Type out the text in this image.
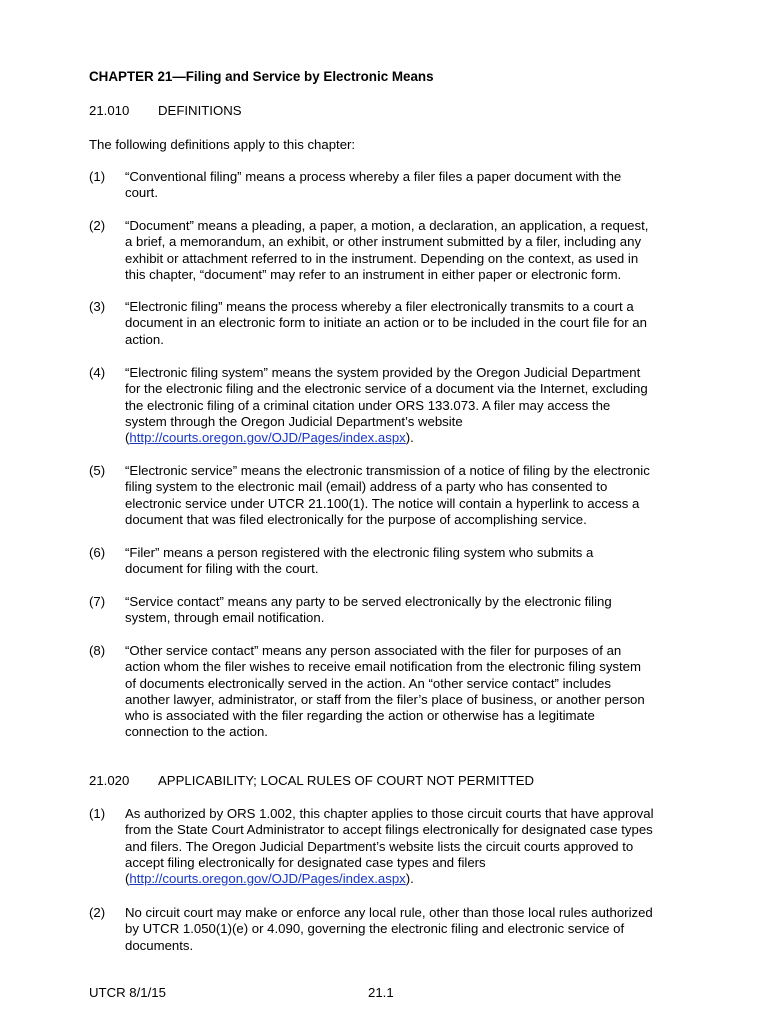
CHAPTER 21—Filing and Service by Electronic Means
21.010 DEFINITIONS
The following definitions apply to this chapter:
(1) “Conventional filing” means a process whereby a filer files a paper document with the
court.
(2) “Document” means a pleading, a paper, a motion, a declaration, an application, a request,
a brief, a memorandum, an exhibit, or other instrument submitted by a filer, including any
exhibit or attachment referred to in the instrument. Depending on the context, as used in
this chapter, “document” may refer to an instrument in either paper or electronic form.
(3) “Electronic filing” means the process whereby a filer electronically transmits to a court a
document in an electronic form to initiate an action or to be included in the court file for an
action.
(4) “Electronic filing system” means the system provided by the Oregon Judicial Department
for the electronic filing and the electronic service of a document via the Internet, excluding
the electronic filing of a criminal citation under ORS 133.073. A filer may access the
system through the Oregon Judicial Department’s website
(http://courts.oregon.gov/OJD/Pages/index.aspx).
(5) “Electronic service” means the electronic transmission of a notice of filing by the electronic
filing system to the electronic mail (email) address of a party who has consented to
electronic service under UTCR 21.100(1). The notice will contain a hyperlink to access a
document that was filed electronically for the purpose of accomplishing service.
(6) “Filer” means a person registered with the electronic filing system who submits a
document for filing with the court.
(7) “Service contact” means any party to be served electronically by the electronic filing
system, through email notification.
(8) “Other service contact” means any person associated with the filer for purposes of an
action whom the filer wishes to receive email notification from the electronic filing system
of documents electronically served in the action. An “other service contact” includes
another lawyer, administrator, or staff from the filer’s place of business, or another person
who is associated with the filer regarding the action or otherwise has a legitimate
connection to the action.
21.020 APPLICABILITY; LOCAL RULES OF COURT NOT PERMITTED
(1) As authorized by ORS 1.002, this chapter applies to those circuit courts that have approval
from the State Court Administrator to accept filings electronically for designated case types
and filers. The Oregon Judicial Department’s website lists the circuit courts approved to
accept filing electronically for designated case types and filers
(http://courts.oregon.gov/OJD/Pages/index.aspx).
(2) No circuit court may make or enforce any local rule, other than those local rules authorized
by UTCR 1.050(1)(e) or 4.090, governing the electronic filing and electronic service of
documents.
UTCR 8/1/15	21.1
